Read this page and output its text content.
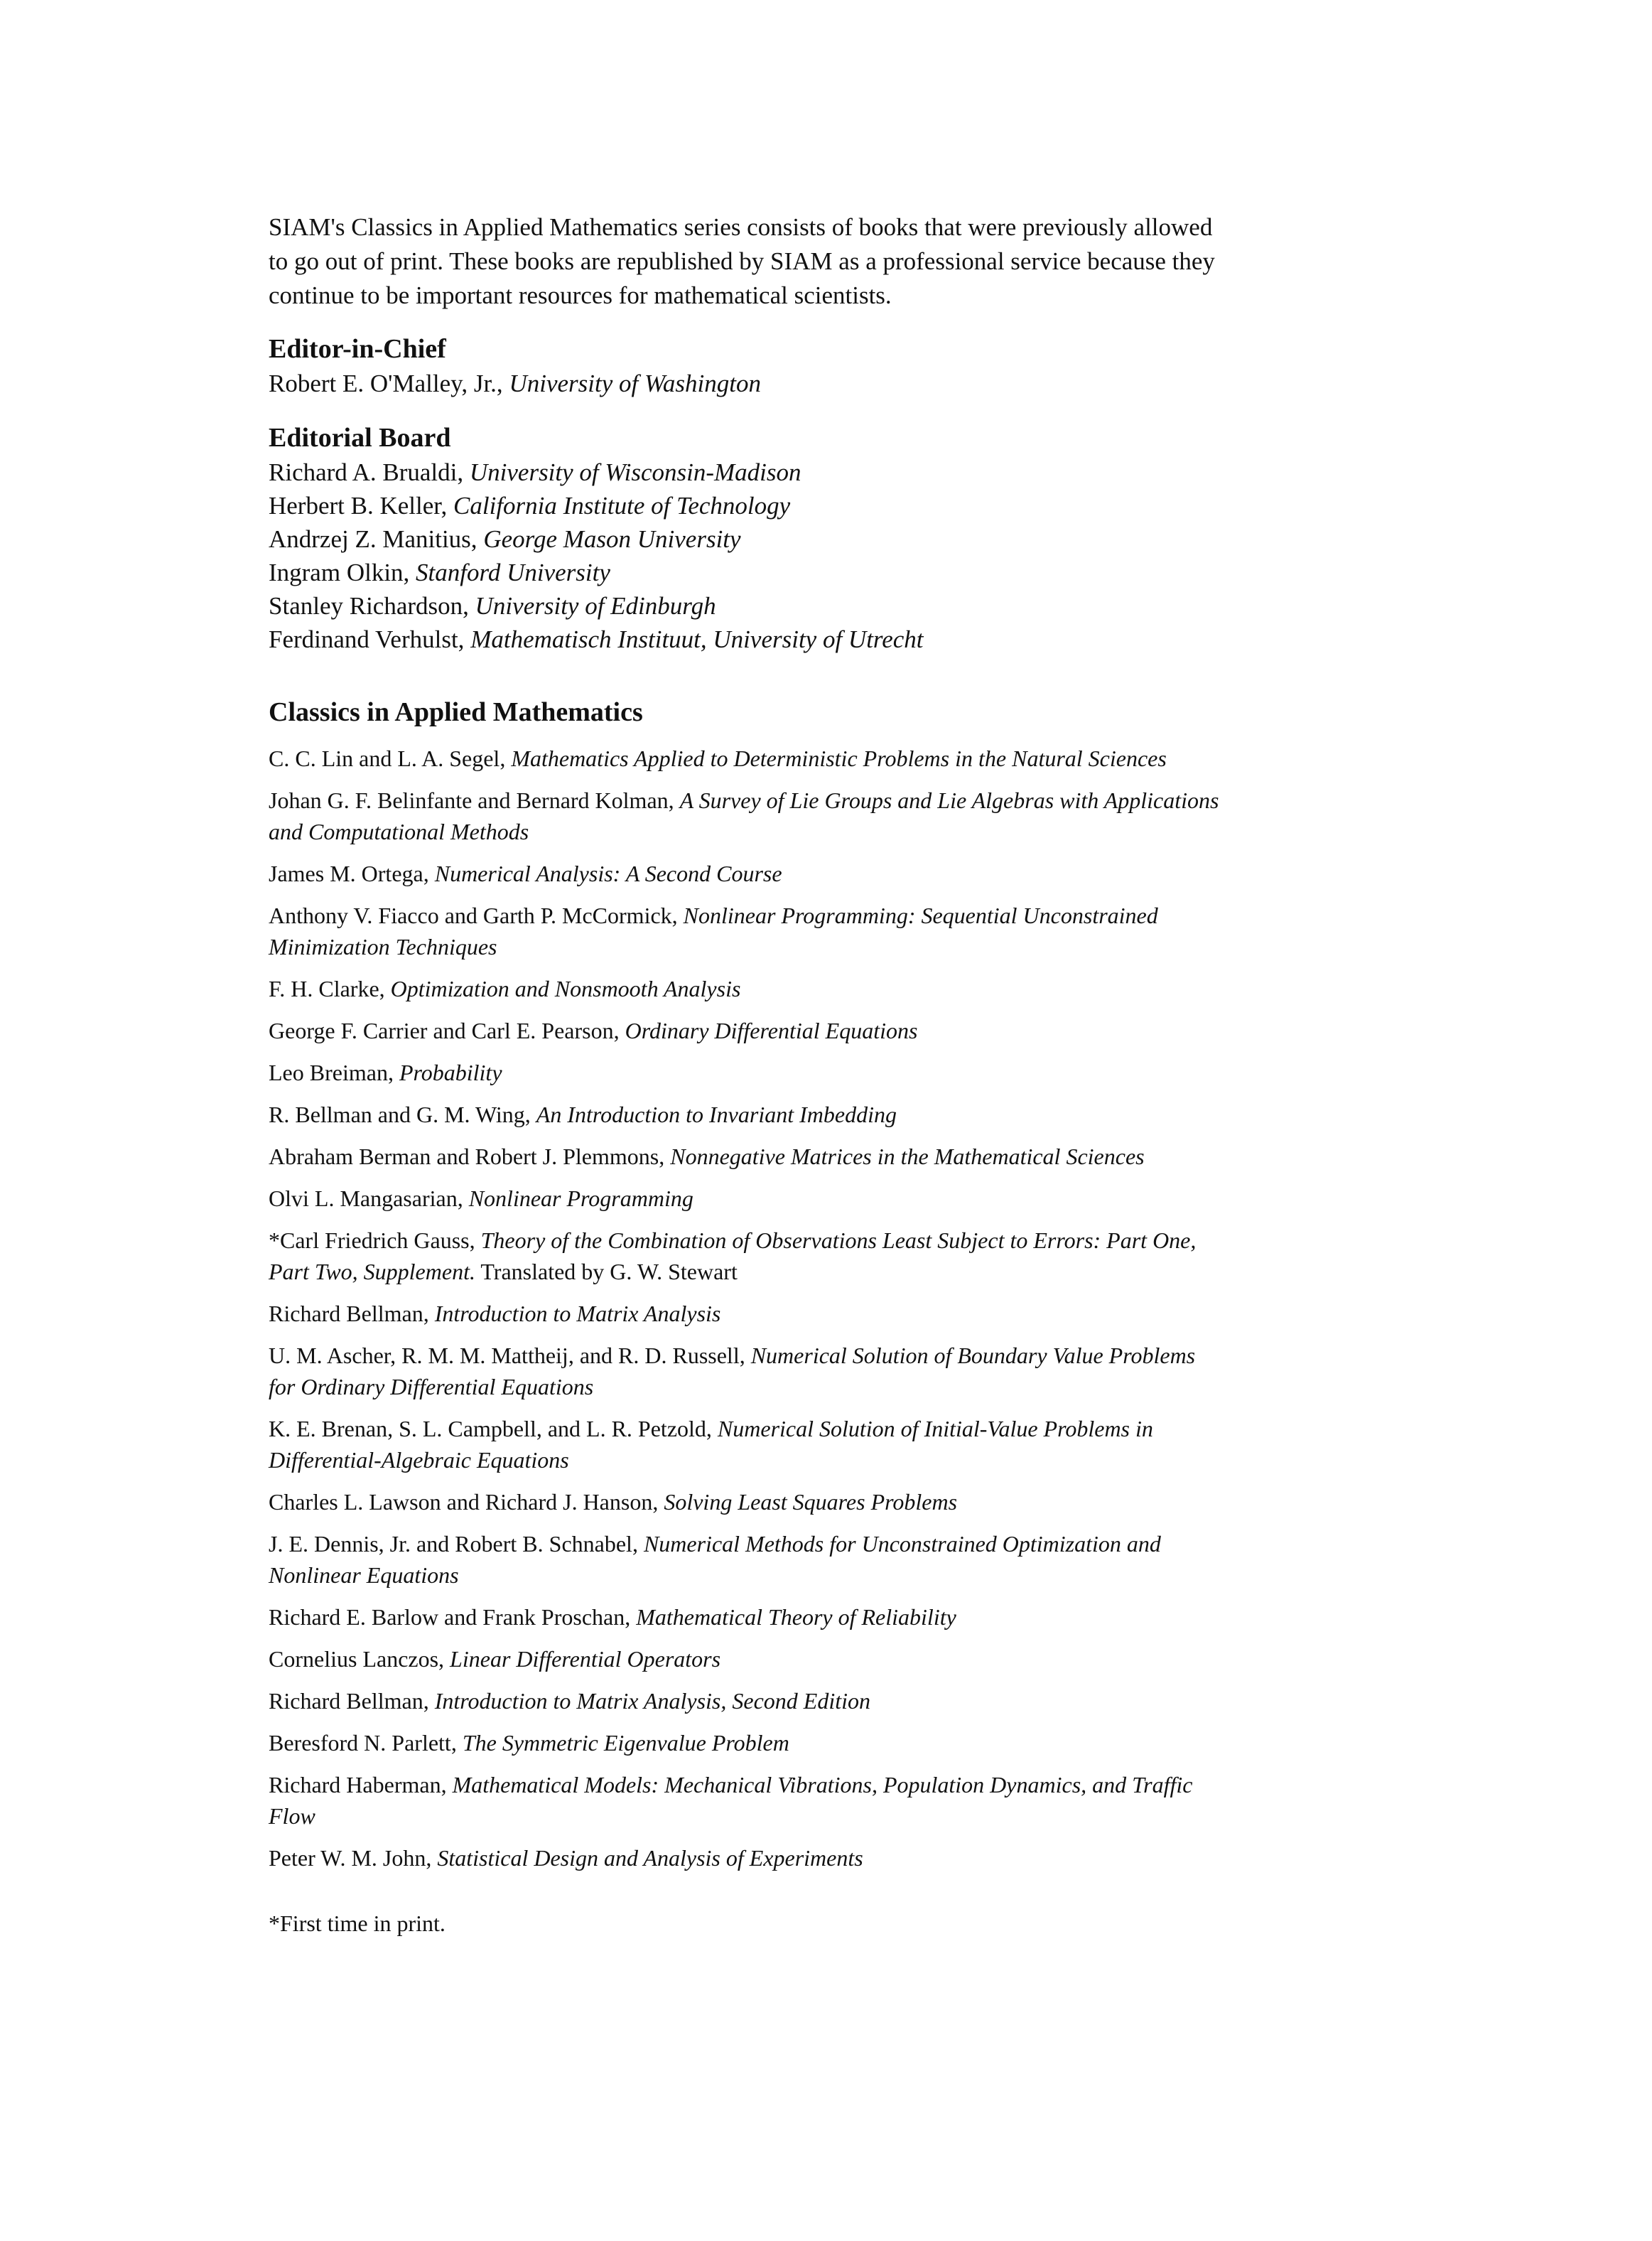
SIAM's Classics in Applied Mathematics series consists of books that were previously allowed to go out of print. These books are republished by SIAM as a professional service because they continue to be important resources for mathematical scientists.

Editor-in-Chief

Robert E. O'Malley, Jr., University of Washington

Editorial Board

Richard A. Brualdi, University of Wisconsin-Madison

Herbert B. Keller, California Institute of Technology

Andrzej Z. Manitius, George Mason University

Ingram Olkin, Stanford University

Stanley Richardson, University of Edinburgh

Ferdinand Verhulst, Mathematisch Instituut, University of Utrecht

Classics in Applied Mathematics

C. C. Lin and L. A. Segel, Mathematics Applied to Deterministic Problems in the Natural Sciences

Johan G. F. Belinfante and Bernard Kolman, A Survey of Lie Groups and Lie Algebras with Applications and Computational Methods

James M. Ortega, Numerical Analysis: A Second Course

Anthony V. Fiacco and Garth P. McCormick, Nonlinear Programming: Sequential Unconstrained Minimization Techniques

F. H. Clarke, Optimization and Nonsmooth Analysis

George F. Carrier and Carl E. Pearson, Ordinary Differential Equations

Leo Breiman, Probability

R. Bellman and G. M. Wing, An Introduction to Invariant Imbedding

Abraham Berman and Robert J. Plemmons, Nonnegative Matrices in the Mathematical Sciences

Olvi L. Mangasarian, Nonlinear Programming

*Carl Friedrich Gauss, Theory of the Combination of Observations Least Subject to Errors: Part One, Part Two, Supplement. Translated by G. W. Stewart

Richard Bellman, Introduction to Matrix Analysis

U. M. Ascher, R. M. M. Mattheij, and R. D. Russell, Numerical Solution of Boundary Value Problems for Ordinary Differential Equations

K. E. Brenan, S. L. Campbell, and L. R. Petzold, Numerical Solution of Initial-Value Problems in Differential-Algebraic Equations

Charles L. Lawson and Richard J. Hanson, Solving Least Squares Problems

J. E. Dennis, Jr. and Robert B. Schnabel, Numerical Methods for Unconstrained Optimization and Nonlinear Equations

Richard E. Barlow and Frank Proschan, Mathematical Theory of Reliability

Cornelius Lanczos, Linear Differential Operators

Richard Bellman, Introduction to Matrix Analysis, Second Edition

Beresford N. Parlett, The Symmetric Eigenvalue Problem

Richard Haberman, Mathematical Models: Mechanical Vibrations, Population Dynamics, and Traffic Flow

Peter W. M. John, Statistical Design and Analysis of Experiments

*First time in print.
